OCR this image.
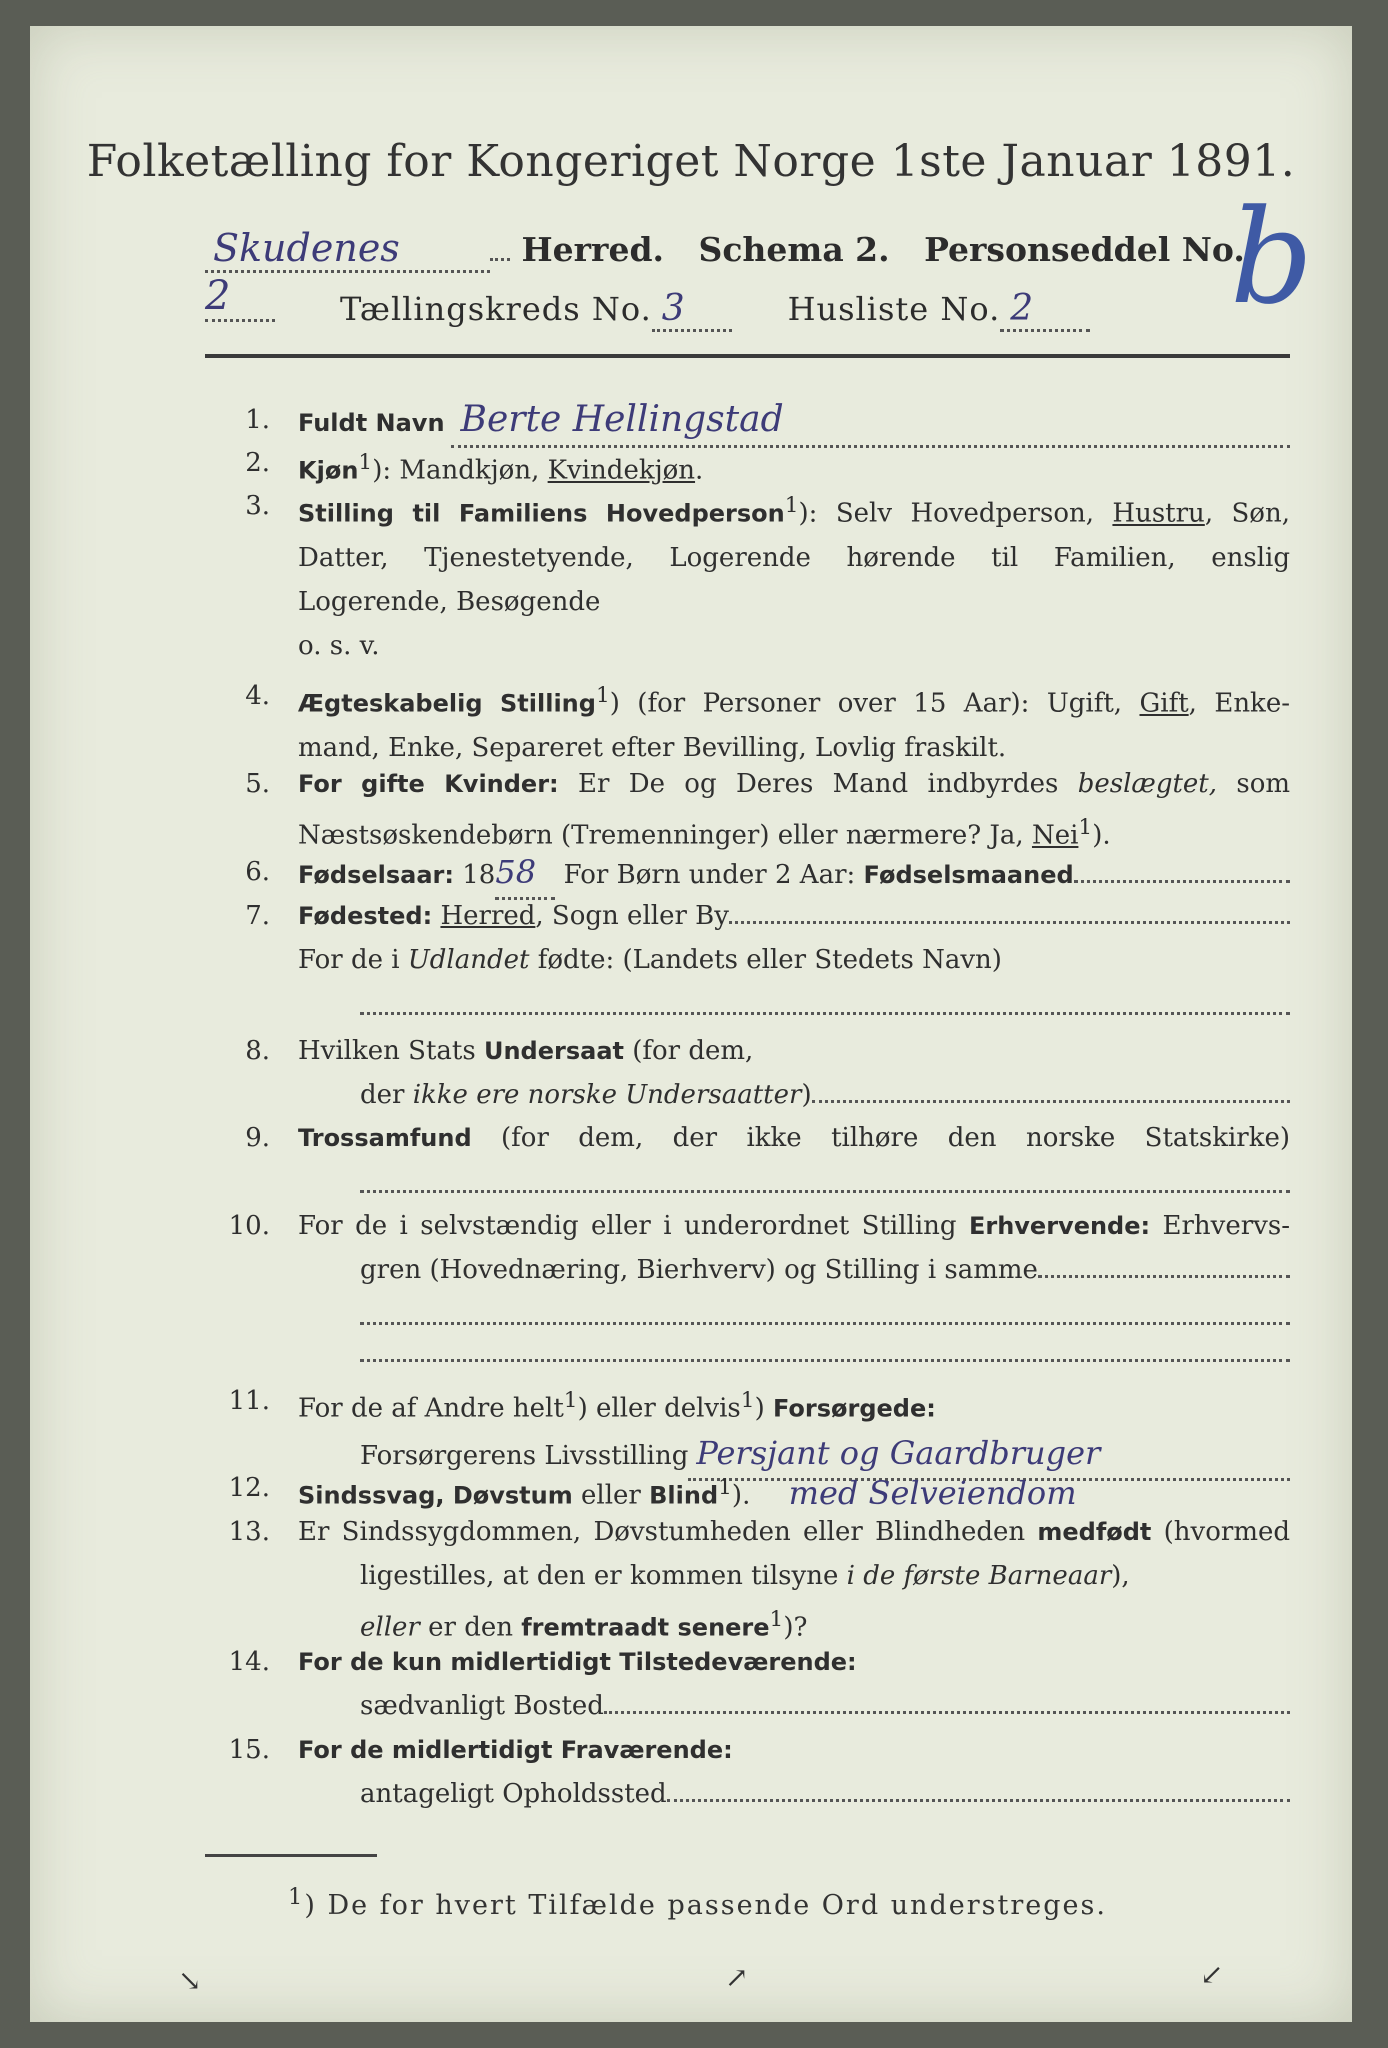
Folketælling for Kongeriget Norge 1ste Januar 1891.
Skudenes	Herred. Schema 2. Personseddel No. 2	b
Tællingskreds No. 3	Husliste No. 2
1. Fuldt Navn Berte Hellingstad
2. Kjøn$^1$): Mandkjøn, Kvindekjøn.
3. Stilling til Familiens Hovedperson$^1$): Selv Hovedperson, Hustru, Søn,
Datter, Tjenestetyende, Logerende hørende til Familien, enslig
Logerende, Besøgende
o. s. v.
4. Ægteskabelig Stilling$^1$) (for Personer over 15 Aar): Ugift, Gift, Enke-
mand, Enke, Separeret efter Bevilling, Lovlig fraskilt.
5. For gifte Kvinder: Er De og Deres Mand indbyrdes beslægtet, som
Næstsøskendebørn (Tremenninger) eller nærmere? Ja, Nei$^1$).
6. Fødselsaar: 18 58 For Børn under 2 Aar: Fødselsmaaned
7. Fødested:
Herred , Sogn eller By
For de i Udlandet fødte: (Landets eller Stedets Navn)
8. Hvilken Stats Undersaat (for dem,
der ikke ere norske Undersaatter )
9. Trossamfund (for dem, der ikke tilhøre den norske Statskirke)
10. For de i selvstændig eller i underordnet Stilling Erhvervende: Erhvervs-
gren (Hovednæring, Bierhverv) og Stilling i samme
11. For de af Andre helt$^1$) eller delvis$^1$) Forsørgede:
Forsørgerens Livsstilling Persjant og Gaardbruger
12. Sindssvag, Døvstum eller Blind$^1$). med Selveiendom
13. Er Sindssygdommen, Døvstumheden eller Blindheden medfødt (hvormed
ligestilles, at den er kommen tilsyne i de første Barneaar),
eller er den fremtraadt senere$^1$)?
14. For de kun midlertidigt Tilstedeværende:
sædvanligt Bosted
15. For de midlertidigt Fraværende:
antageligt Opholdssted
$^1$) De for hvert Tilfælde passende Ord understreges.
↘	↗	↙
